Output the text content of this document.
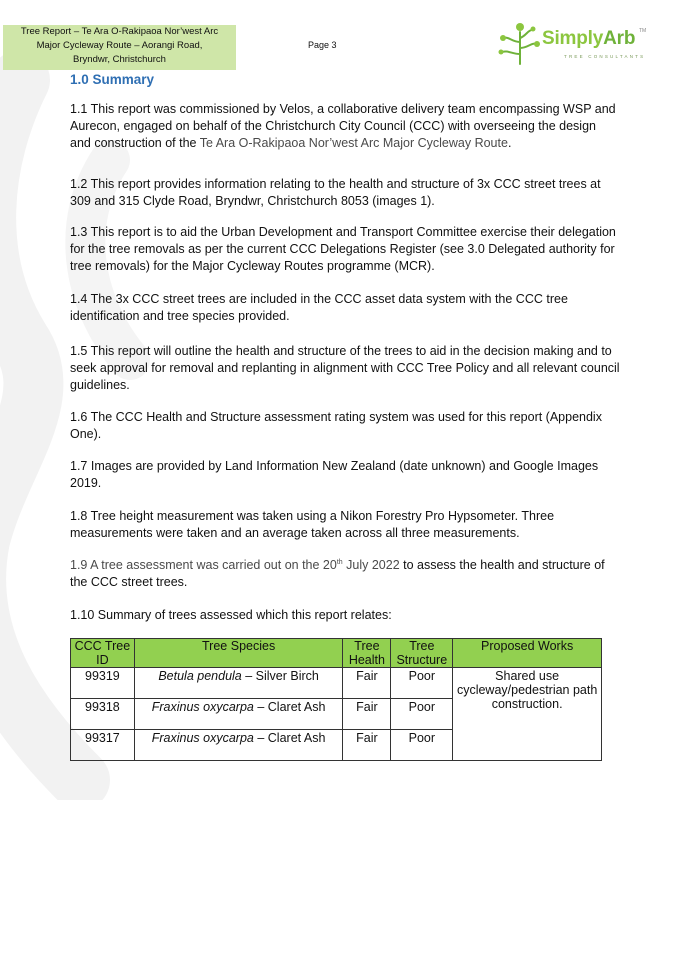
Tree Report – Te Ara O-Rakipaoa Nor’west Arc
Major Cycleway Route – Aorangi Road,
Bryndwr, Christchurch
Page 3	SimplyArb TM
TREE CONSULTANTS
1.0 Summary

1.1 This report was commissioned by Velos, a collaborative delivery team encompassing WSP and Aurecon, engaged on behalf of the Christchurch City Council (CCC) with overseeing the design and construction of the Te Ara O-Rakipaoa Nor’west Arc Major Cycleway Route.

1.2 This report provides information relating to the health and structure of 3x CCC street trees at 309 and 315 Clyde Road, Bryndwr, Christchurch 8053 (images 1).

1.3 This report is to aid the Urban Development and Transport Committee exercise their delegation for the tree removals as per the current CCC Delegations Register (see 3.0 Delegated authority for tree removals) for the Major Cycleway Routes programme (MCR).

1.4 The 3x CCC street trees are included in the CCC asset data system with the CCC tree identification and tree species provided.

1.5 This report will outline the health and structure of the trees to aid in the decision making and to seek approval for removal and replanting in alignment with CCC Tree Policy and all relevant council guidelines.

1.6 The CCC Health and Structure assessment rating system was used for this report (Appendix One).

1.7 Images are provided by Land Information New Zealand (date unknown) and Google Images 2019.

1.8 Tree height measurement was taken using a Nikon Forestry Pro Hypsometer. Three measurements were taken and an average taken across all three measurements.

1.9 A tree assessment was carried out on the 20th July 2022 to assess the health and structure of the CCC street trees.

1.10 Summary of trees assessed which this report relates:

CCC Tree ID	Tree Species	Tree Health	Tree Structure	Proposed Works
99319	Betula pendula – Silver Birch	Fair	Poor	Shared use cycleway/pedestrian path construction.
99318	Fraxinus oxycarpa – Claret Ash	Fair	Poor	
99317	Fraxinus oxycarpa – Claret Ash	Fair	Poor	
